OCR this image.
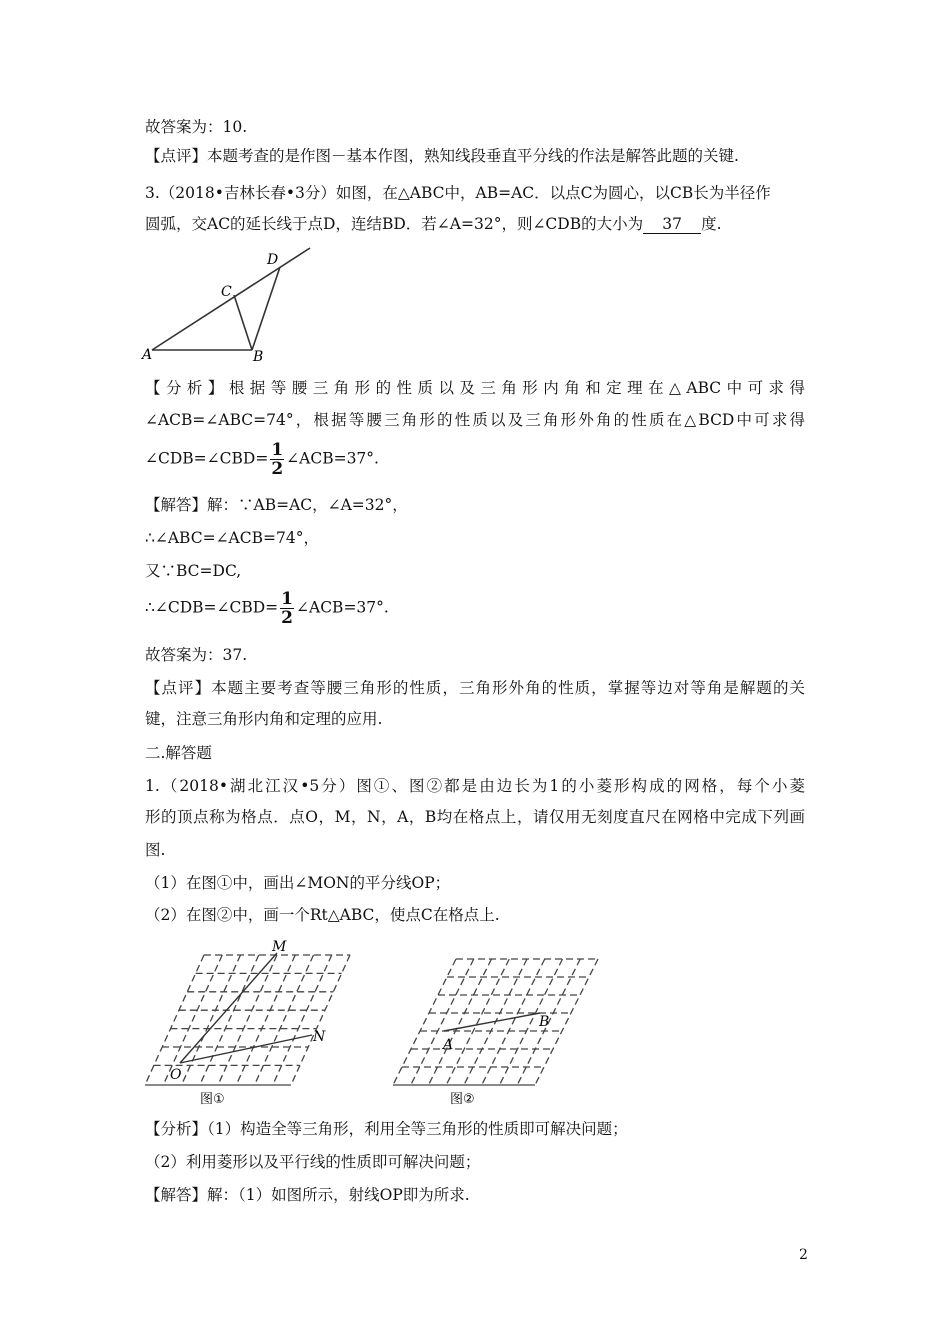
故答案为：10.
【点评】本题考查的是作图－基本作图，熟知线段垂直平分线的作法是解答此题的关键.
3.（2018•吉林长春•3分）如图，在△ABC中，AB=AC．以点C为圆心，以CB长为半径作
圆弧，交AC的延长线于点D，连结BD．若∠A=32°，则∠CDB的大小为 37 度.
A	B
C
D
【分析】根据等腰三角形的性质以及三角形内角和定理在△ABC中可求得
∠ACB=∠ABC=74°，根据等腰三角形的性质以及三角形外角的性质在△BCD中可求得
∠CDB=∠CBD= $\frac{1}{2}$ ∠ACB=37°.
【解答】解：∵AB=AC，∠A=32°，
∴∠ABC=∠ACB=74°，
又∵BC=DC,
∴∠CDB=∠CBD= $\frac{1}{2}$ ∠ACB=37°.
故答案为：37.
【点评】本题主要考查等腰三角形的性质，三角形外角的性质，掌握等边对等角是解题的关
键，注意三角形内角和定理的应用.
二.解答题
1.（2018•湖北江汉•5分）图①、图②都是由边长为1的小菱形构成的网格，每个小菱
形的顶点称为格点．点O，M，N，A，B均在格点上，请仅用无刻度直尺在网格中完成下列画
图.
（1）在图①中，画出∠MON的平分线OP；
（2）在图②中，画一个Rt△ABC，使点C在格点上.
M
N
O
图①
A
B
图②
【分析】（1）构造全等三角形，利用全等三角形的性质即可解决问题；
（2）利用菱形以及平行线的性质即可解决问题；
【解答】解：（1）如图所示，射线OP即为所求.
2
